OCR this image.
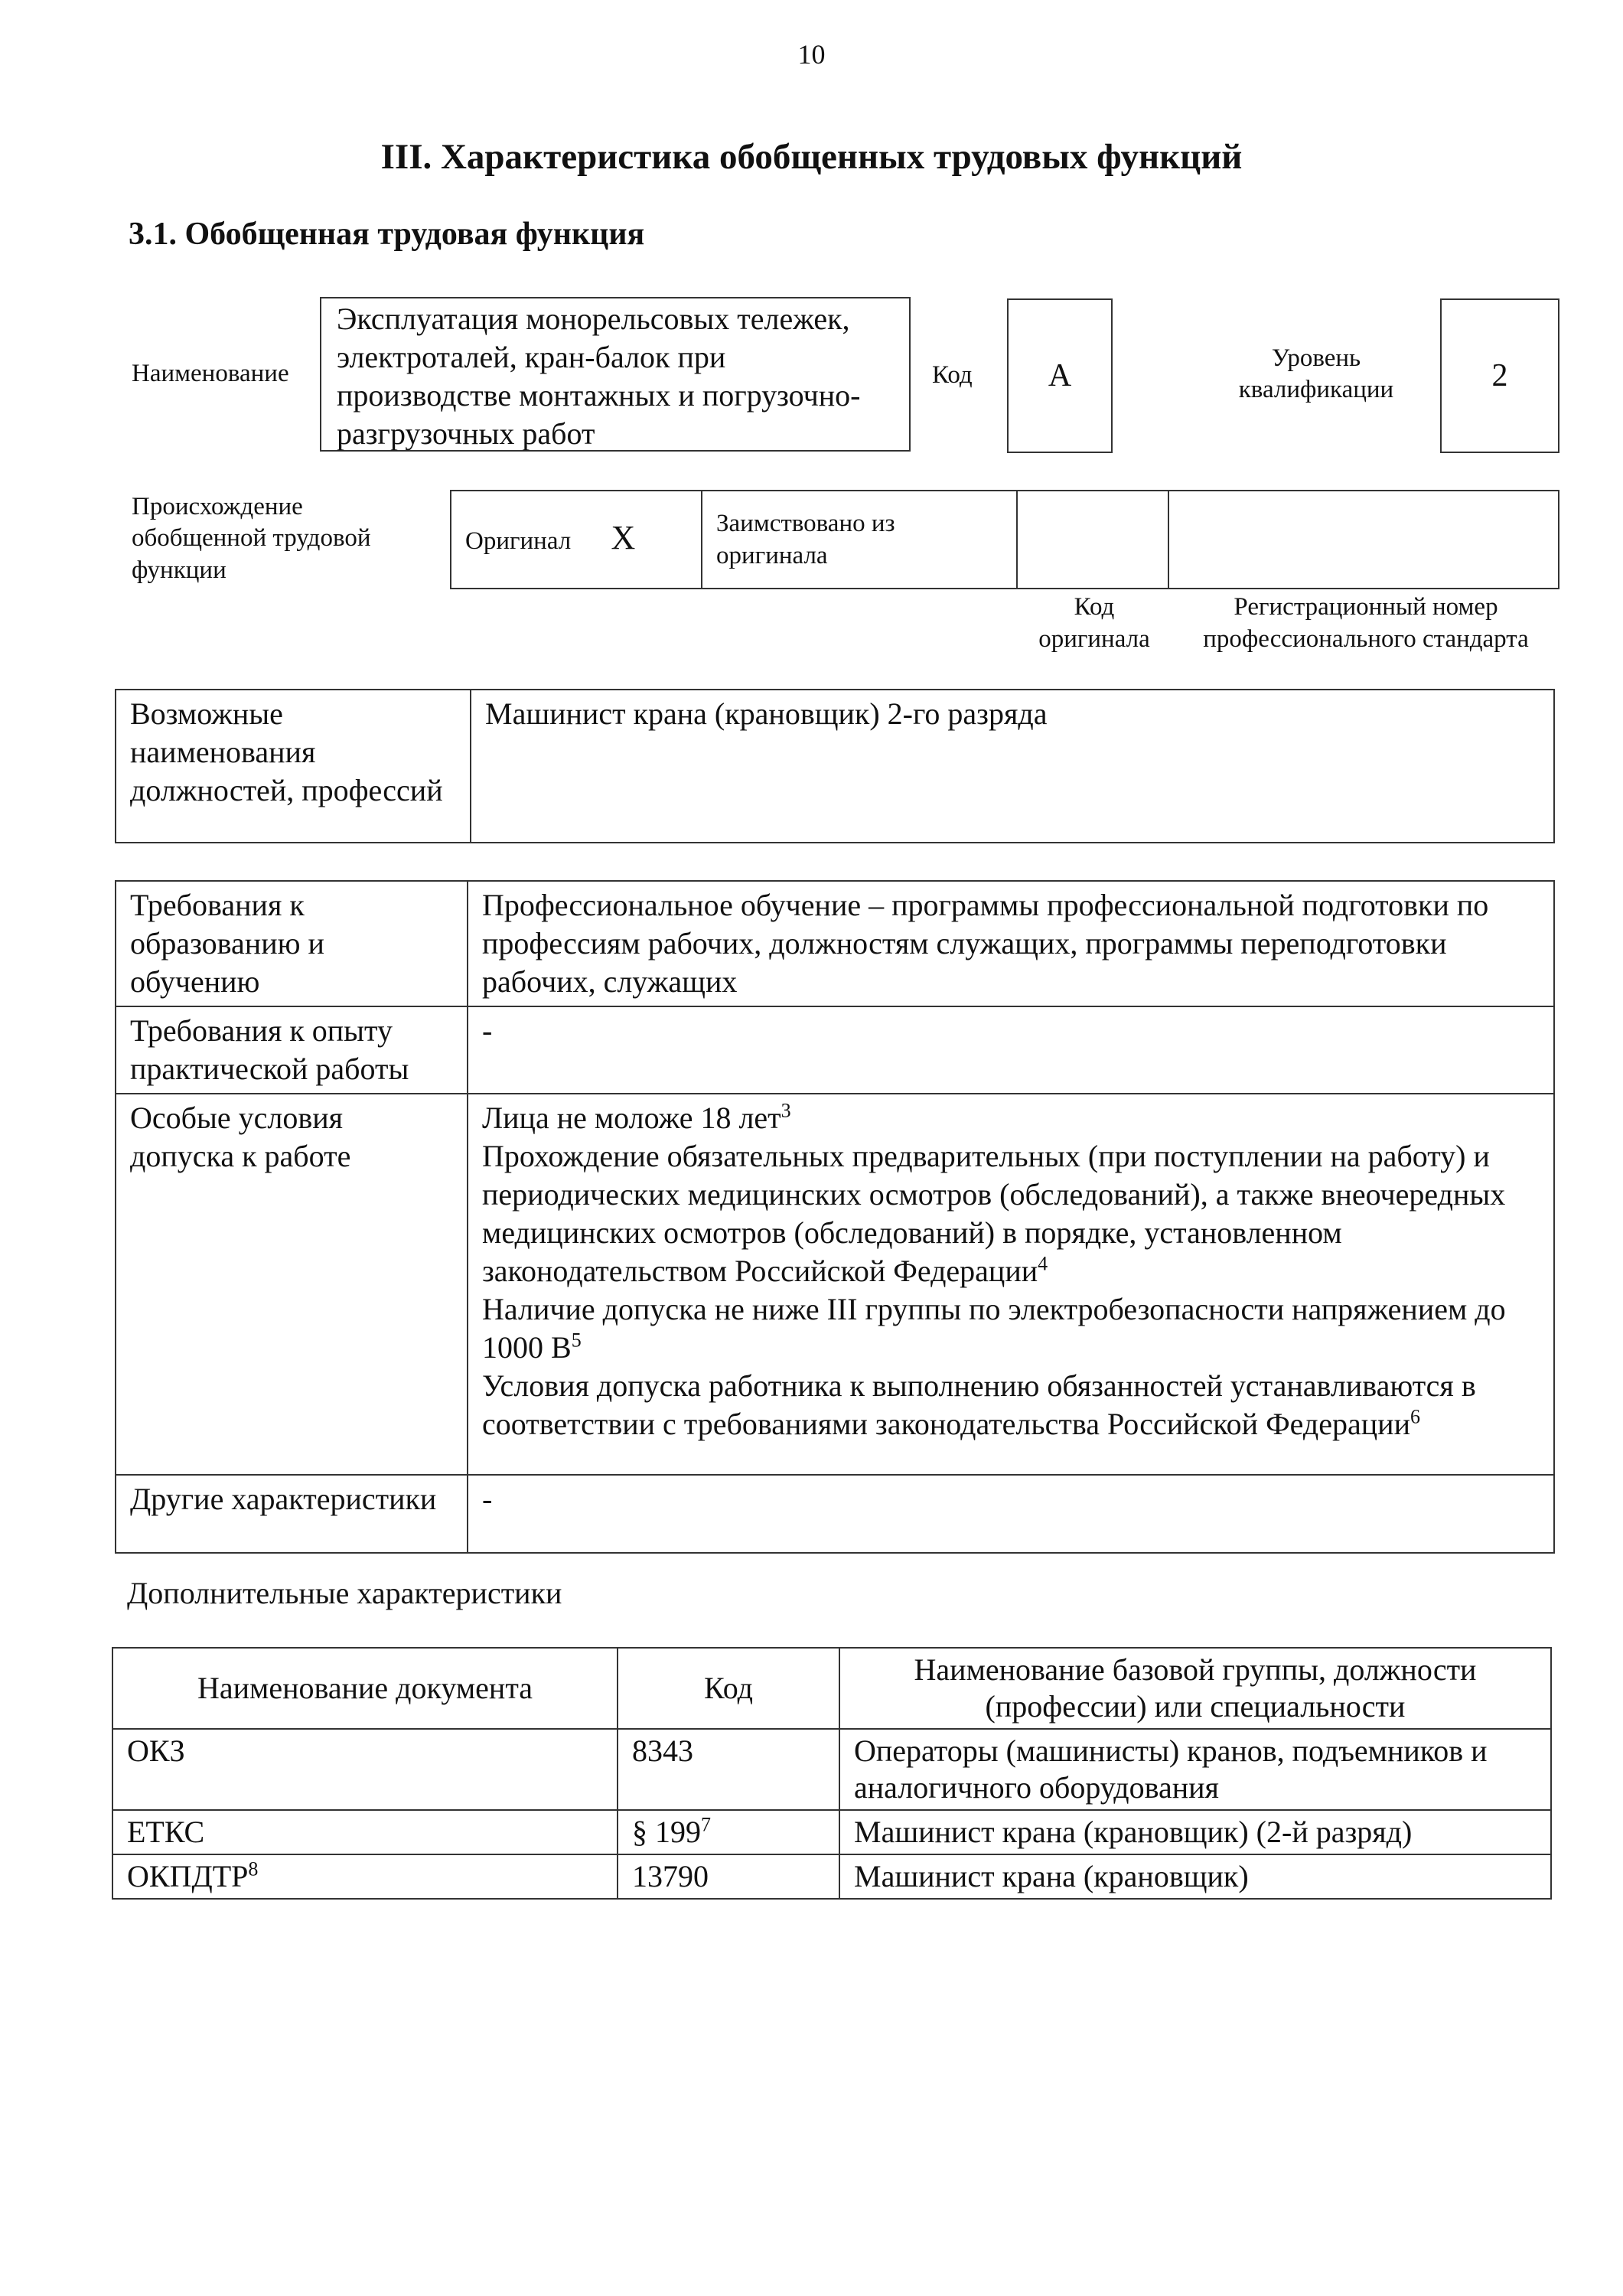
10
III. Характеристика обобщенных трудовых функций
3.1. Обобщенная трудовая функция
Наименование
Эксплуатация монорельсовых тележек, электроталей, кран-балок при производстве монтажных и погрузочно-разгрузочных работ
Код А	Уровень квалификации	2
Происхождение обобщенной трудовой функции
Оригинал X	Заимствовано из оригинала		
Код оригинала
Регистрационный номер профессионального стандарта
Возможные наименования должностей, профессий	Машинист крана (крановщик) 2-го разряда
Требования к образованию и обучению	Профессиональное обучение – программы профессиональной подготовки по профессиям рабочих, должностям служащих, программы переподготовки рабочих, служащих
Требования к опыту практической работы	-
Особые условия допуска к работе	Лица не моложе 18 лет$^3$
Прохождение обязательных предварительных (при поступлении на работу) и периодических медицинских осмотров (обследований), а также внеочередных медицинских осмотров (обследований) в порядке, установленном законодательством Российской Федерации$^4$
Наличие допуска не ниже III группы по электробезопасности напряжением до 1000 $В^5$
Условия допуска работника к выполнению обязанностей устанавливаются в соответствии с требованиями законодательства Российской Федерации$^6$

Другие характеристики	-
Дополнительные характеристики
Наименование документа	Код	Наименование базовой группы, должности (профессии) или специальности
ОКЗ	8343	Операторы (машинисты) кранов, подъемников и аналогичного оборудования
ЕТКС	§ $199^7$	Машинист крана (крановщик) (2-й разряд)
ОКПДТР$^8$	13790	Машинист крана (крановщик)
